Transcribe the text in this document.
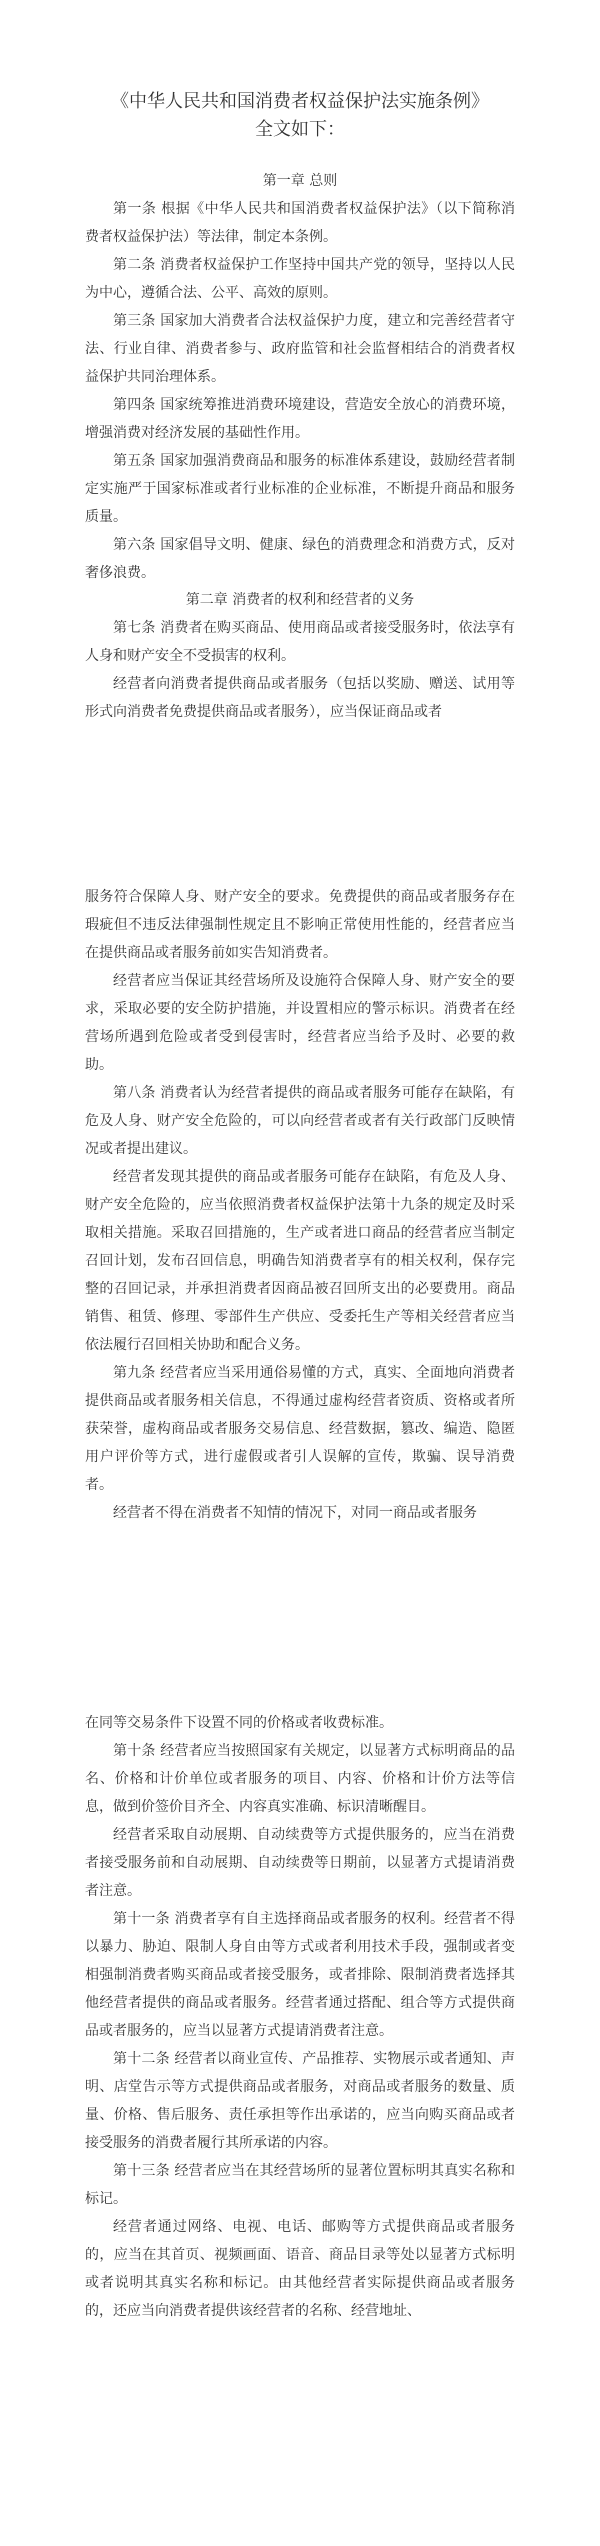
《中华人民共和国消费者权益保护法实施条例》
全文如下：
第一章 总则

第一条 根据《中华人民共和国消费者权益保护法》（以下简称消费者权益保护法）等法律，制定本条例。

第二条 消费者权益保护工作坚持中国共产党的领导，坚持以人民为中心，遵循合法、公平、高效的原则。

第三条 国家加大消费者合法权益保护力度，建立和完善经营者守法、行业自律、消费者参与、政府监管和社会监督相结合的消费者权益保护共同治理体系。

第四条 国家统筹推进消费环境建设，营造安全放心的消费环境，增强消费对经济发展的基础性作用。

第五条 国家加强消费商品和服务的标准体系建设，鼓励经营者制定实施严于国家标准或者行业标准的企业标准，不断提升商品和服务质量。

第六条 国家倡导文明、健康、绿色的消费理念和消费方式，反对奢侈浪费。

第二章 消费者的权利和经营者的义务

第七条 消费者在购买商品、使用商品或者接受服务时，依法享有人身和财产安全不受损害的权利。

经营者向消费者提供商品或者服务（包括以奖励、赠送、试用等形式向消费者免费提供商品或者服务），应当保证商品或者

服务符合保障人身、财产安全的要求。免费提供的商品或者服务存在瑕疵但不违反法律强制性规定且不影响正常使用性能的，经营者应当在提供商品或者服务前如实告知消费者。

经营者应当保证其经营场所及设施符合保障人身、财产安全的要求，采取必要的安全防护措施，并设置相应的警示标识。消费者在经营场所遇到危险或者受到侵害时，经营者应当给予及时、必要的救助。

第八条 消费者认为经营者提供的商品或者服务可能存在缺陷，有危及人身、财产安全危险的，可以向经营者或者有关行政部门反映情况或者提出建议。

经营者发现其提供的商品或者服务可能存在缺陷，有危及人身、财产安全危险的，应当依照消费者权益保护法第十九条的规定及时采取相关措施。采取召回措施的，生产或者进口商品的经营者应当制定召回计划，发布召回信息，明确告知消费者享有的相关权利，保存完整的召回记录，并承担消费者因商品被召回所支出的必要费用。商品销售、租赁、修理、零部件生产供应、受委托生产等相关经营者应当依法履行召回相关协助和配合义务。

第九条 经营者应当采用通俗易懂的方式，真实、全面地向消费者提供商品或者服务相关信息，不得通过虚构经营者资质、资格或者所获荣誉，虚构商品或者服务交易信息、经营数据，篡改、编造、隐匿用户评价等方式，进行虚假或者引人误解的宣传，欺骗、误导消费者。

经营者不得在消费者不知情的情况下，对同一商品或者服务

在同等交易条件下设置不同的价格或者收费标准。

第十条 经营者应当按照国家有关规定，以显著方式标明商品的品名、价格和计价单位或者服务的项目、内容、价格和计价方法等信息，做到价签价目齐全、内容真实准确、标识清晰醒目。

经营者采取自动展期、自动续费等方式提供服务的，应当在消费者接受服务前和自动展期、自动续费等日期前，以显著方式提请消费者注意。

第十一条 消费者享有自主选择商品或者服务的权利。经营者不得以暴力、胁迫、限制人身自由等方式或者利用技术手段，强制或者变相强制消费者购买商品或者接受服务，或者排除、限制消费者选择其他经营者提供的商品或者服务。经营者通过搭配、组合等方式提供商品或者服务的，应当以显著方式提请消费者注意。

第十二条 经营者以商业宣传、产品推荐、实物展示或者通知、声明、店堂告示等方式提供商品或者服务，对商品或者服务的数量、质量、价格、售后服务、责任承担等作出承诺的，应当向购买商品或者接受服务的消费者履行其所承诺的内容。

第十三条 经营者应当在其经营场所的显著位置标明其真实名称和标记。

经营者通过网络、电视、电话、邮购等方式提供商品或者服务的，应当在其首页、视频画面、语音、商品目录等处以显著方式标明或者说明其真实名称和标记。由其他经营者实际提供商品或者服务的，还应当向消费者提供该经营者的名称、经营地址、
